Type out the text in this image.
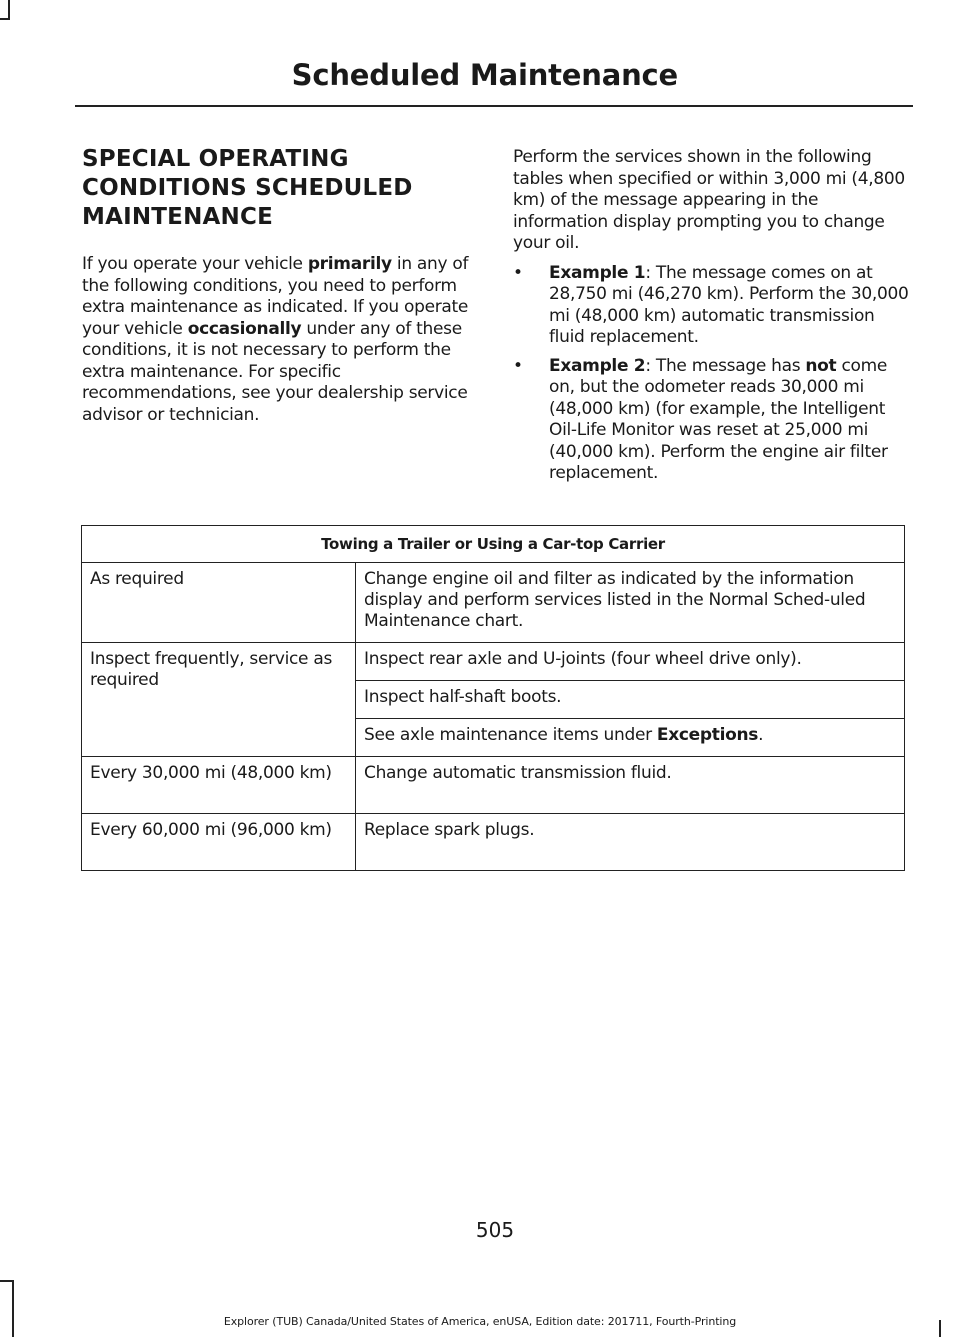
Scheduled Maintenance
SPECIAL OPERATING
CONDITIONS SCHEDULED
MAINTENANCE

If you operate your vehicle primarily in any of the following conditions, you need to perform extra maintenance as indicated. If you operate your vehicle occasionally under any of these conditions, it is not necessary to perform the extra maintenance. For specific recommendations, see your dealership service advisor or technician.

Perform the services shown in the following tables when specified or within 3,000 mi (4,800 km) of the message appearing in the information display prompting you to change your oil.

• Example 1: The message comes on at 28,750 mi (46,270 km). Perform the 30,000 mi (48,000 km) automatic transmission fluid replacement.
• Example 2: The message has not come on, but the odometer reads 30,000 mi (48,000 km) (for example, the Intelligent Oil-Life Monitor was reset at 25,000 mi (40,000 km). Perform the engine air filter replacement.
Towing a Trailer or Using a Car-top Carrier	
As required	Change engine oil and filter as indicated by the information display and perform services listed in the Normal Sched-uled Maintenance chart.
Inspect frequently, service as required	Inspect rear axle and U-joints (four wheel drive only).
	Inspect half-shaft boots.
	See axle maintenance items under Exceptions.
Every 30,000 mi (48,000 km)	Change automatic transmission fluid.
Every 60,000 mi (96,000 km)	Replace spark plugs.
505
Explorer (TUB) Canada/United States of America, enUSA, Edition date: 201711, Fourth-Printing
